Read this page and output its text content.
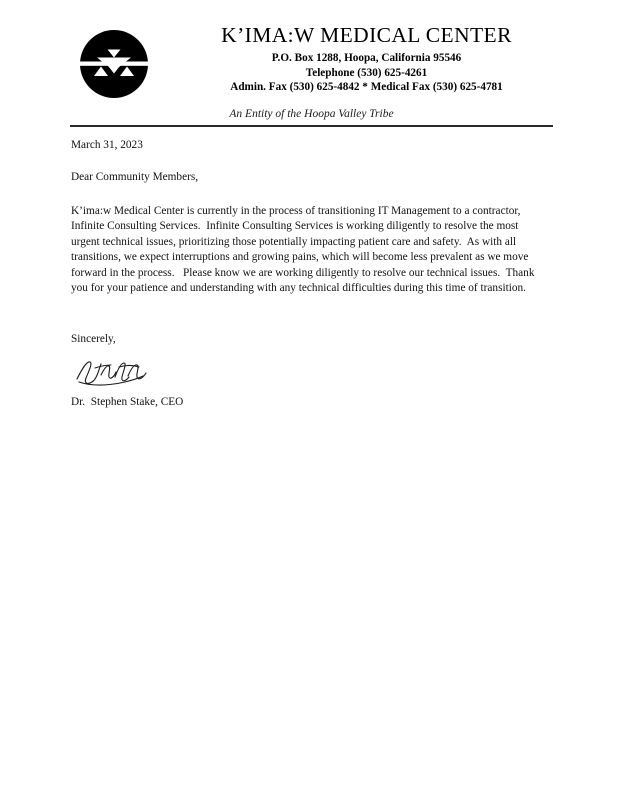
K’IMA:W MEDICAL CENTER
P.O. Box 1288, Hoopa, California 95546
Telephone (530) 625-4261
Admin. Fax (530) 625-4842 * Medical Fax (530) 625-4781
An Entity of the Hoopa Valley Tribe
March 31, 2023
Dear Community Members,
K’ima:w Medical Center is currently in the process of transitioning IT Management to a contractor, Infinite Consulting Services.  Infinite Consulting Services is working diligently to resolve the most urgent technical issues, prioritizing those potentially impacting patient care and safety.  As with all transitions, we expect interruptions and growing pains, which will become less prevalent as we move forward in the process.   Please know we are working diligently to resolve our technical issues.  Thank you for your patience and understanding with any technical difficulties during this time of transition.
Sincerely,
Dr.  Stephen Stake, CEO
